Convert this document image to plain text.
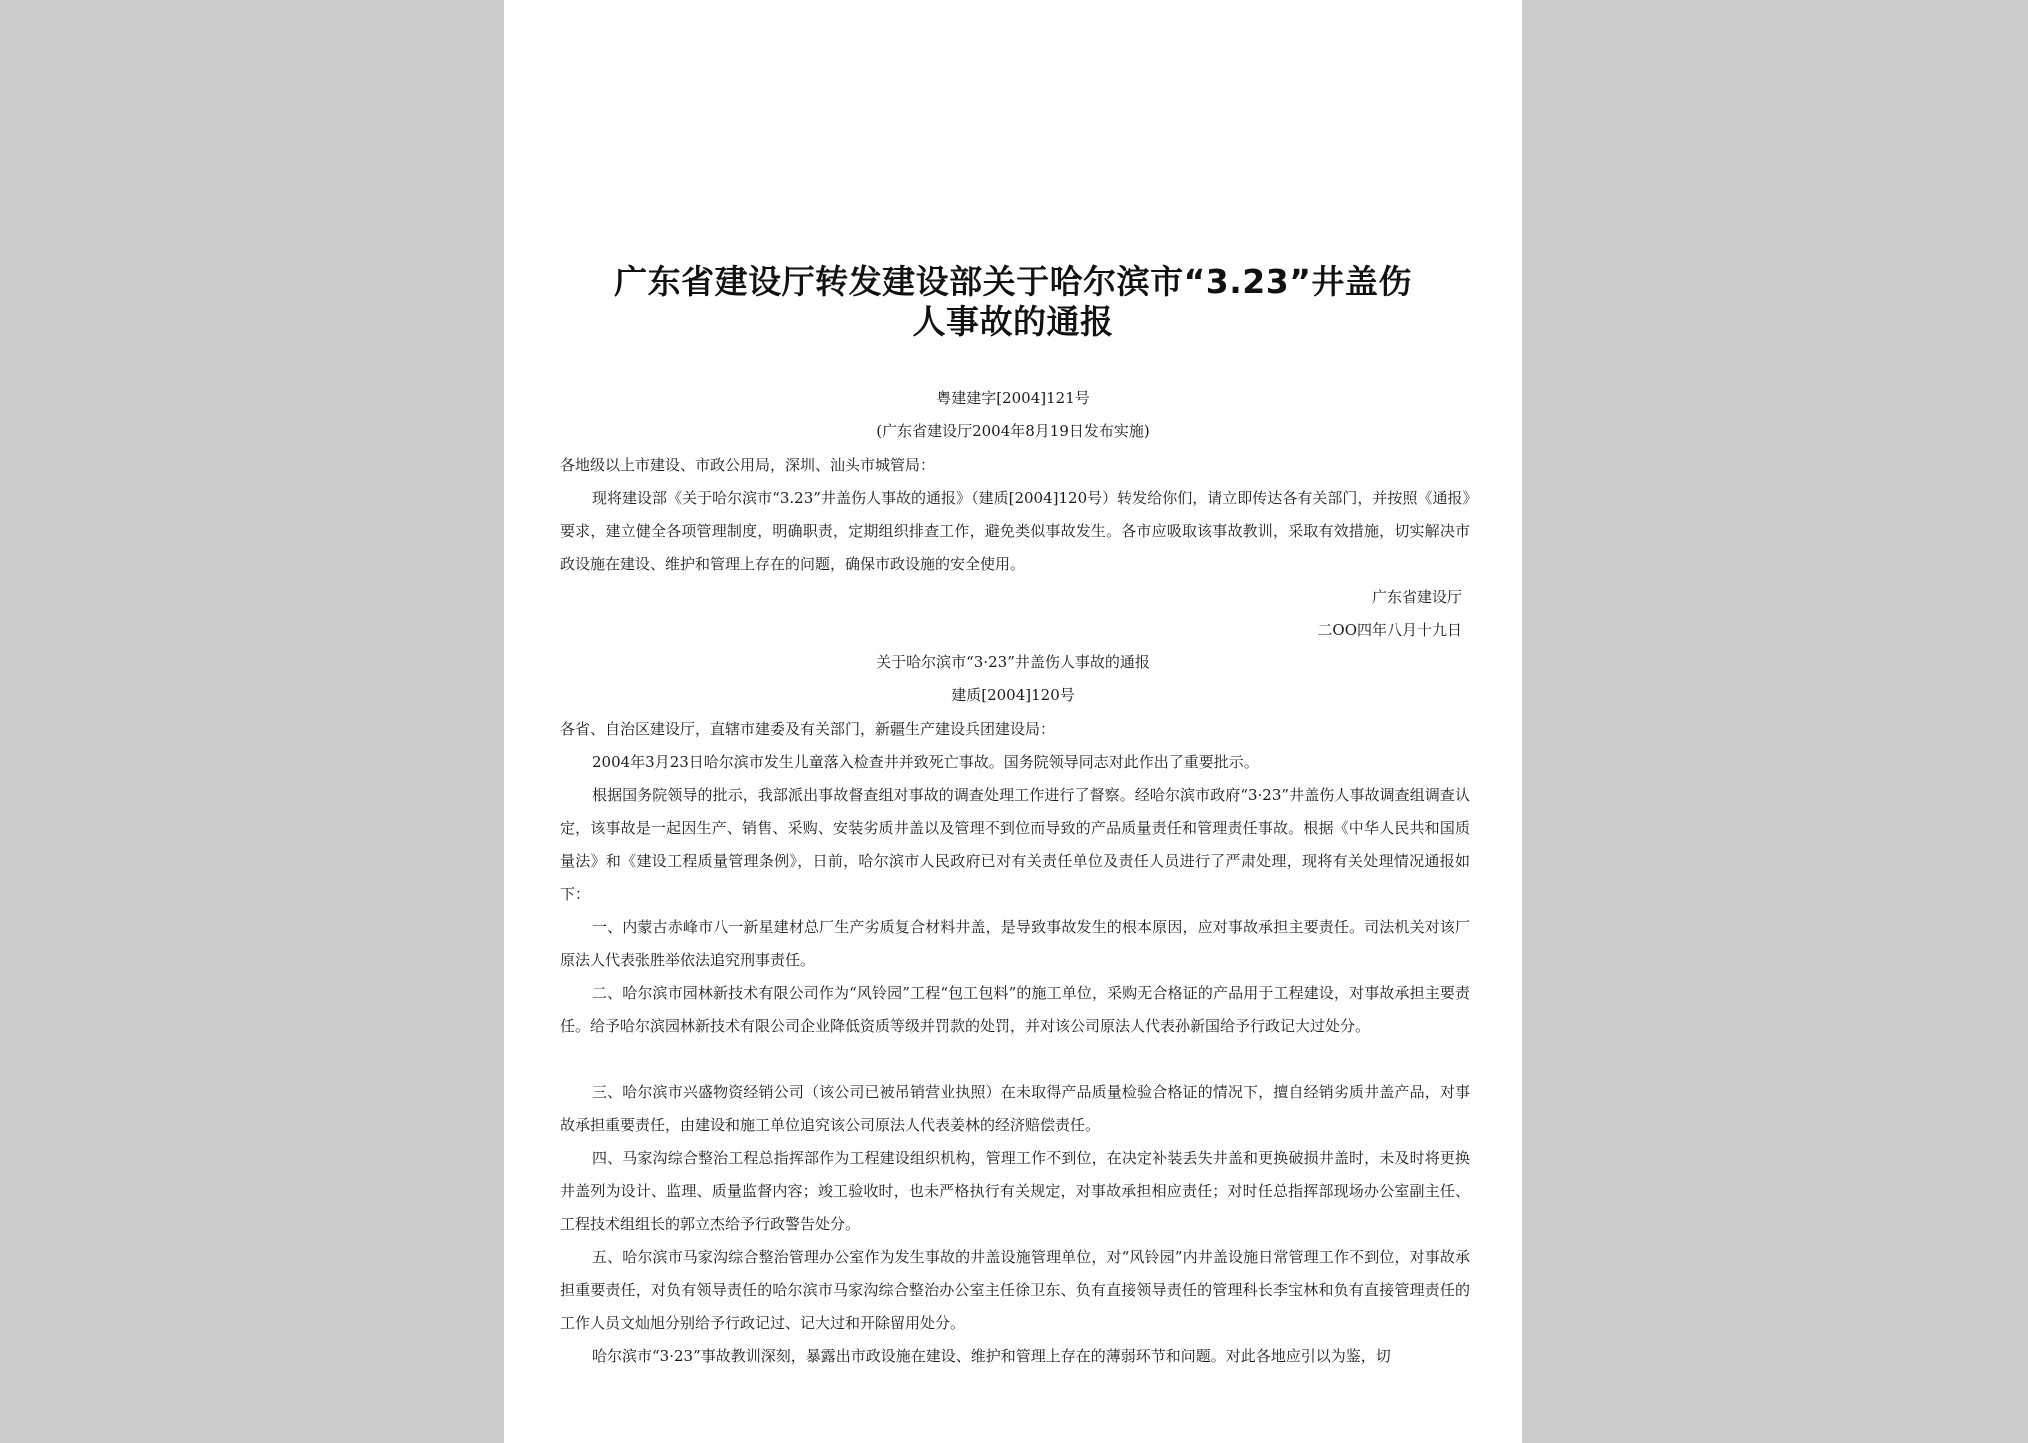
广东省建设厅转发建设部关于哈尔滨市“3.23”井盖伤
人事故的通报
粤建建字[2004]121号
(广东省建设厅2004年8月19日发布实施)
各地级以上市建设、市政公用局，深圳、汕头市城管局：
现将建设部《关于哈尔滨市“3.23”井盖伤人事故的通报》（建质[2004]120号）转发给你们，请立即传达各有关部门，并按照《通报》要求，建立健全各项管理制度，明确职责，定期组织排查工作，避免类似事故发生。各市应吸取该事故教训，采取有效措施，切实解决市政设施在建设、维护和管理上存在的问题，确保市政设施的安全使用。
广东省建设厅
二OO四年八月十九日
关于哈尔滨市“3·23”井盖伤人事故的通报
建质[2004]120号
各省、自治区建设厅，直辖市建委及有关部门，新疆生产建设兵团建设局：
2004年3月23日哈尔滨市发生儿童落入检查井并致死亡事故。国务院领导同志对此作出了重要批示。
根据国务院领导的批示，我部派出事故督查组对事故的调查处理工作进行了督察。经哈尔滨市政府“3·23”井盖伤人事故调查组调查认定，该事故是一起因生产、销售、采购、安装劣质井盖以及管理不到位而导致的产品质量责任和管理责任事故。根据《中华人民共和国质量法》和《建设工程质量管理条例》，日前，哈尔滨市人民政府已对有关责任单位及责任人员进行了严肃处理，现将有关处理情况通报如下：
一、内蒙古赤峰市八一新星建材总厂生产劣质复合材料井盖，是导致事故发生的根本原因，应对事故承担主要责任。司法机关对该厂原法人代表张胜举依法追究刑事责任。
二、哈尔滨市园林新技术有限公司作为“风铃园”工程“包工包料”的施工单位，采购无合格证的产品用于工程建设，对事故承担主要责任。给予哈尔滨园林新技术有限公司企业降低资质等级并罚款的处罚，并对该公司原法人代表孙新国给予行政记大过处分。
三、哈尔滨市兴盛物资经销公司（该公司已被吊销营业执照）在未取得产品质量检验合格证的情况下，擅自经销劣质井盖产品，对事故承担重要责任，由建设和施工单位追究该公司原法人代表姜林的经济赔偿责任。
四、马家沟综合整治工程总指挥部作为工程建设组织机构，管理工作不到位，在决定补装丢失井盖和更换破损井盖时，未及时将更换井盖列为设计、监理、质量监督内容；竣工验收时，也未严格执行有关规定，对事故承担相应责任；对时任总指挥部现场办公室副主任、工程技术组组长的郭立杰给予行政警告处分。
五、哈尔滨市马家沟综合整治管理办公室作为发生事故的井盖设施管理单位，对“风铃园”内井盖设施日常管理工作不到位，对事故承担重要责任，对负有领导责任的哈尔滨市马家沟综合整治办公室主任徐卫东、负有直接领导责任的管理科长李宝林和负有直接管理责任的工作人员文灿旭分别给予行政记过、记大过和开除留用处分。
哈尔滨市“3·23”事故教训深刻，暴露出市政设施在建设、维护和管理上存在的薄弱环节和问题。对此各地应引以为鉴，切
